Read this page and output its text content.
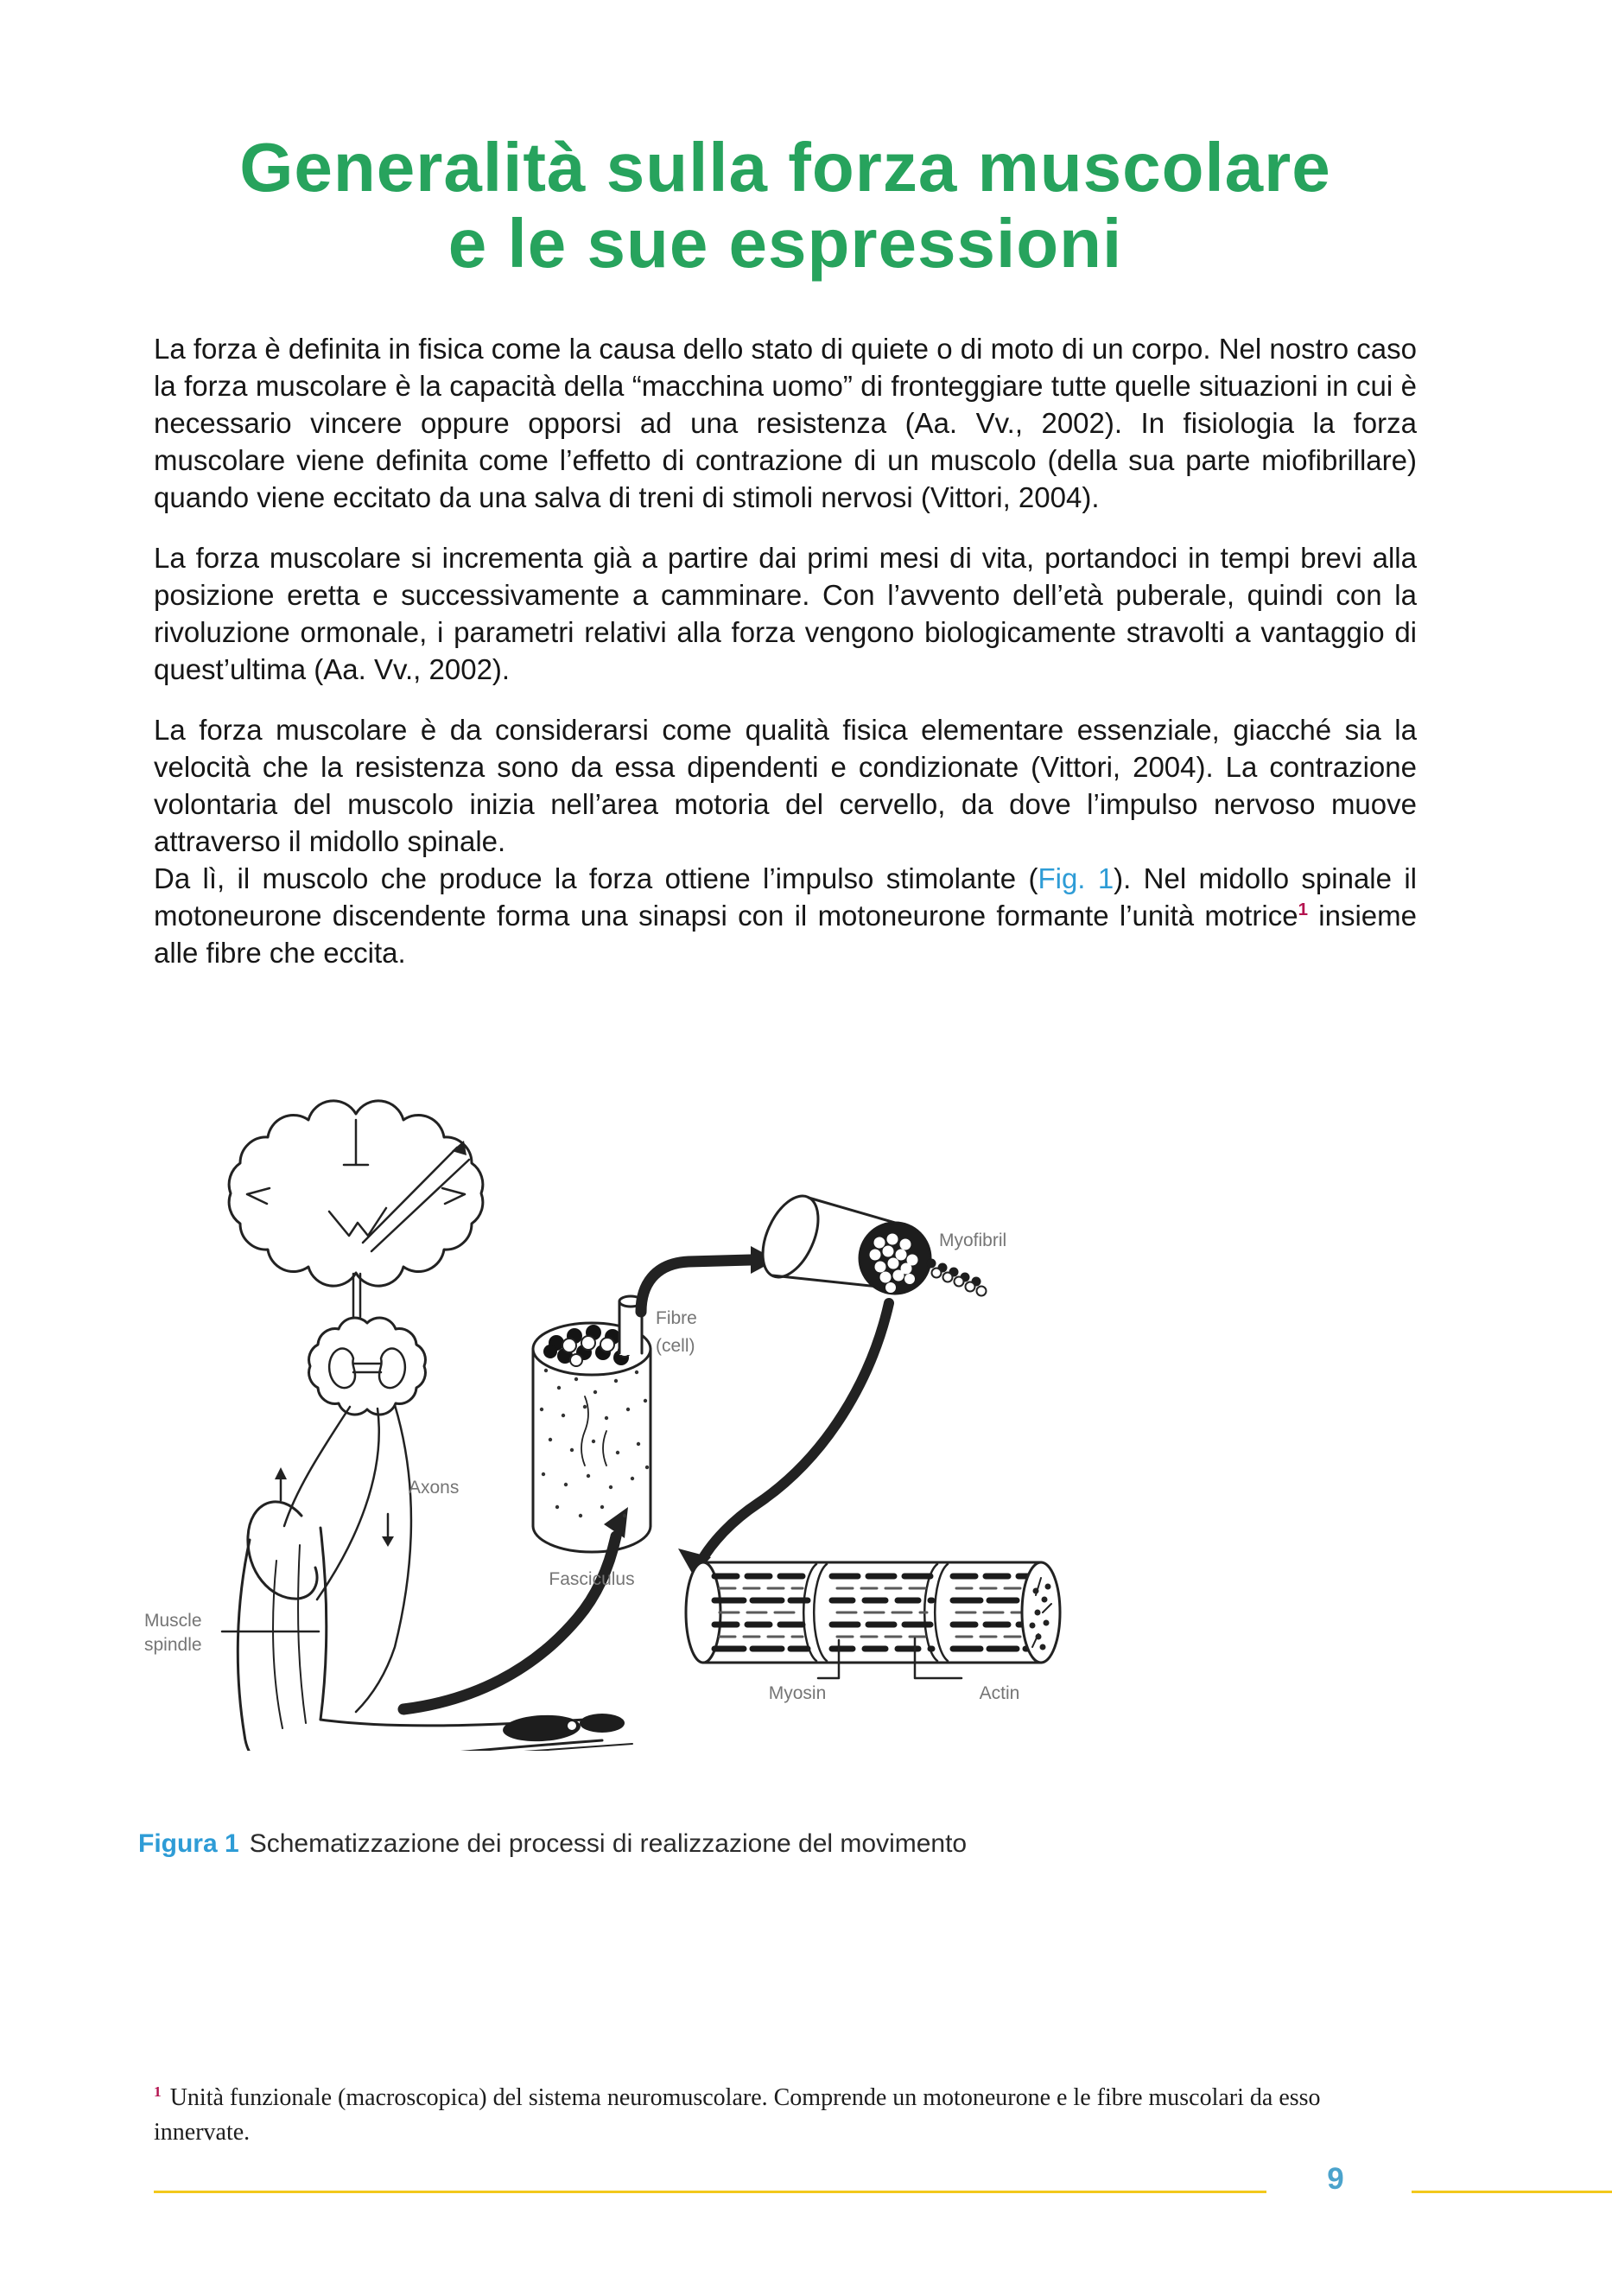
Generalità sulla forza muscolare
e le sue espressioni

La forza è definita in fisica come la causa dello stato di quiete o di moto di un corpo. Nel nostro caso la forza muscolare è la capacità della “macchina uomo” di fronteggiare tutte quelle situazioni in cui è necessario vincere oppure opporsi ad una resistenza (Aa. Vv., 2002). In fisiologia la forza muscolare viene definita come l’effetto di contrazione di un muscolo (della sua parte miofibrillare) quando viene eccitato da una salva di treni di stimoli nervosi (Vittori, 2004).

La forza muscolare si incrementa già a partire dai primi mesi di vita, portandoci in tempi brevi alla posizione eretta e successivamente a camminare. Con l’avvento dell’età puberale, quindi con la rivoluzione ormonale, i parametri relativi alla forza vengono biologicamente stravolti a vantaggio di quest’ultima (Aa. Vv., 2002).

La forza muscolare è da considerarsi come qualità fisica elementare essenziale, giacché sia la velocità che la resistenza sono da essa dipendenti e condizionate (Vittori, 2004). La contrazione volontaria del muscolo inizia nell’area motoria del cervello, da dove l’impulso nervoso muove attraverso il midollo spinale.

Da lì, il muscolo che produce la forza ottiene l’impulso stimolante (Fig. 1). Nel midollo spinale il motoneurone discendente forma una sinapsi con il motoneurone formante l’unità motrice$^1$ insieme alle fibre che eccita.

Axons
Muscle
spindle
Fasciculus
Fibre
(cell)
Myofibril
Myosin	Actin
Figura 1 Schematizzazione dei processi di realizzazione del movimento
$^1$ Unità funzionale (macroscopica) del sistema neuromuscolare. Comprende un motoneurone e le fibre muscolari da esso innervate.
9
